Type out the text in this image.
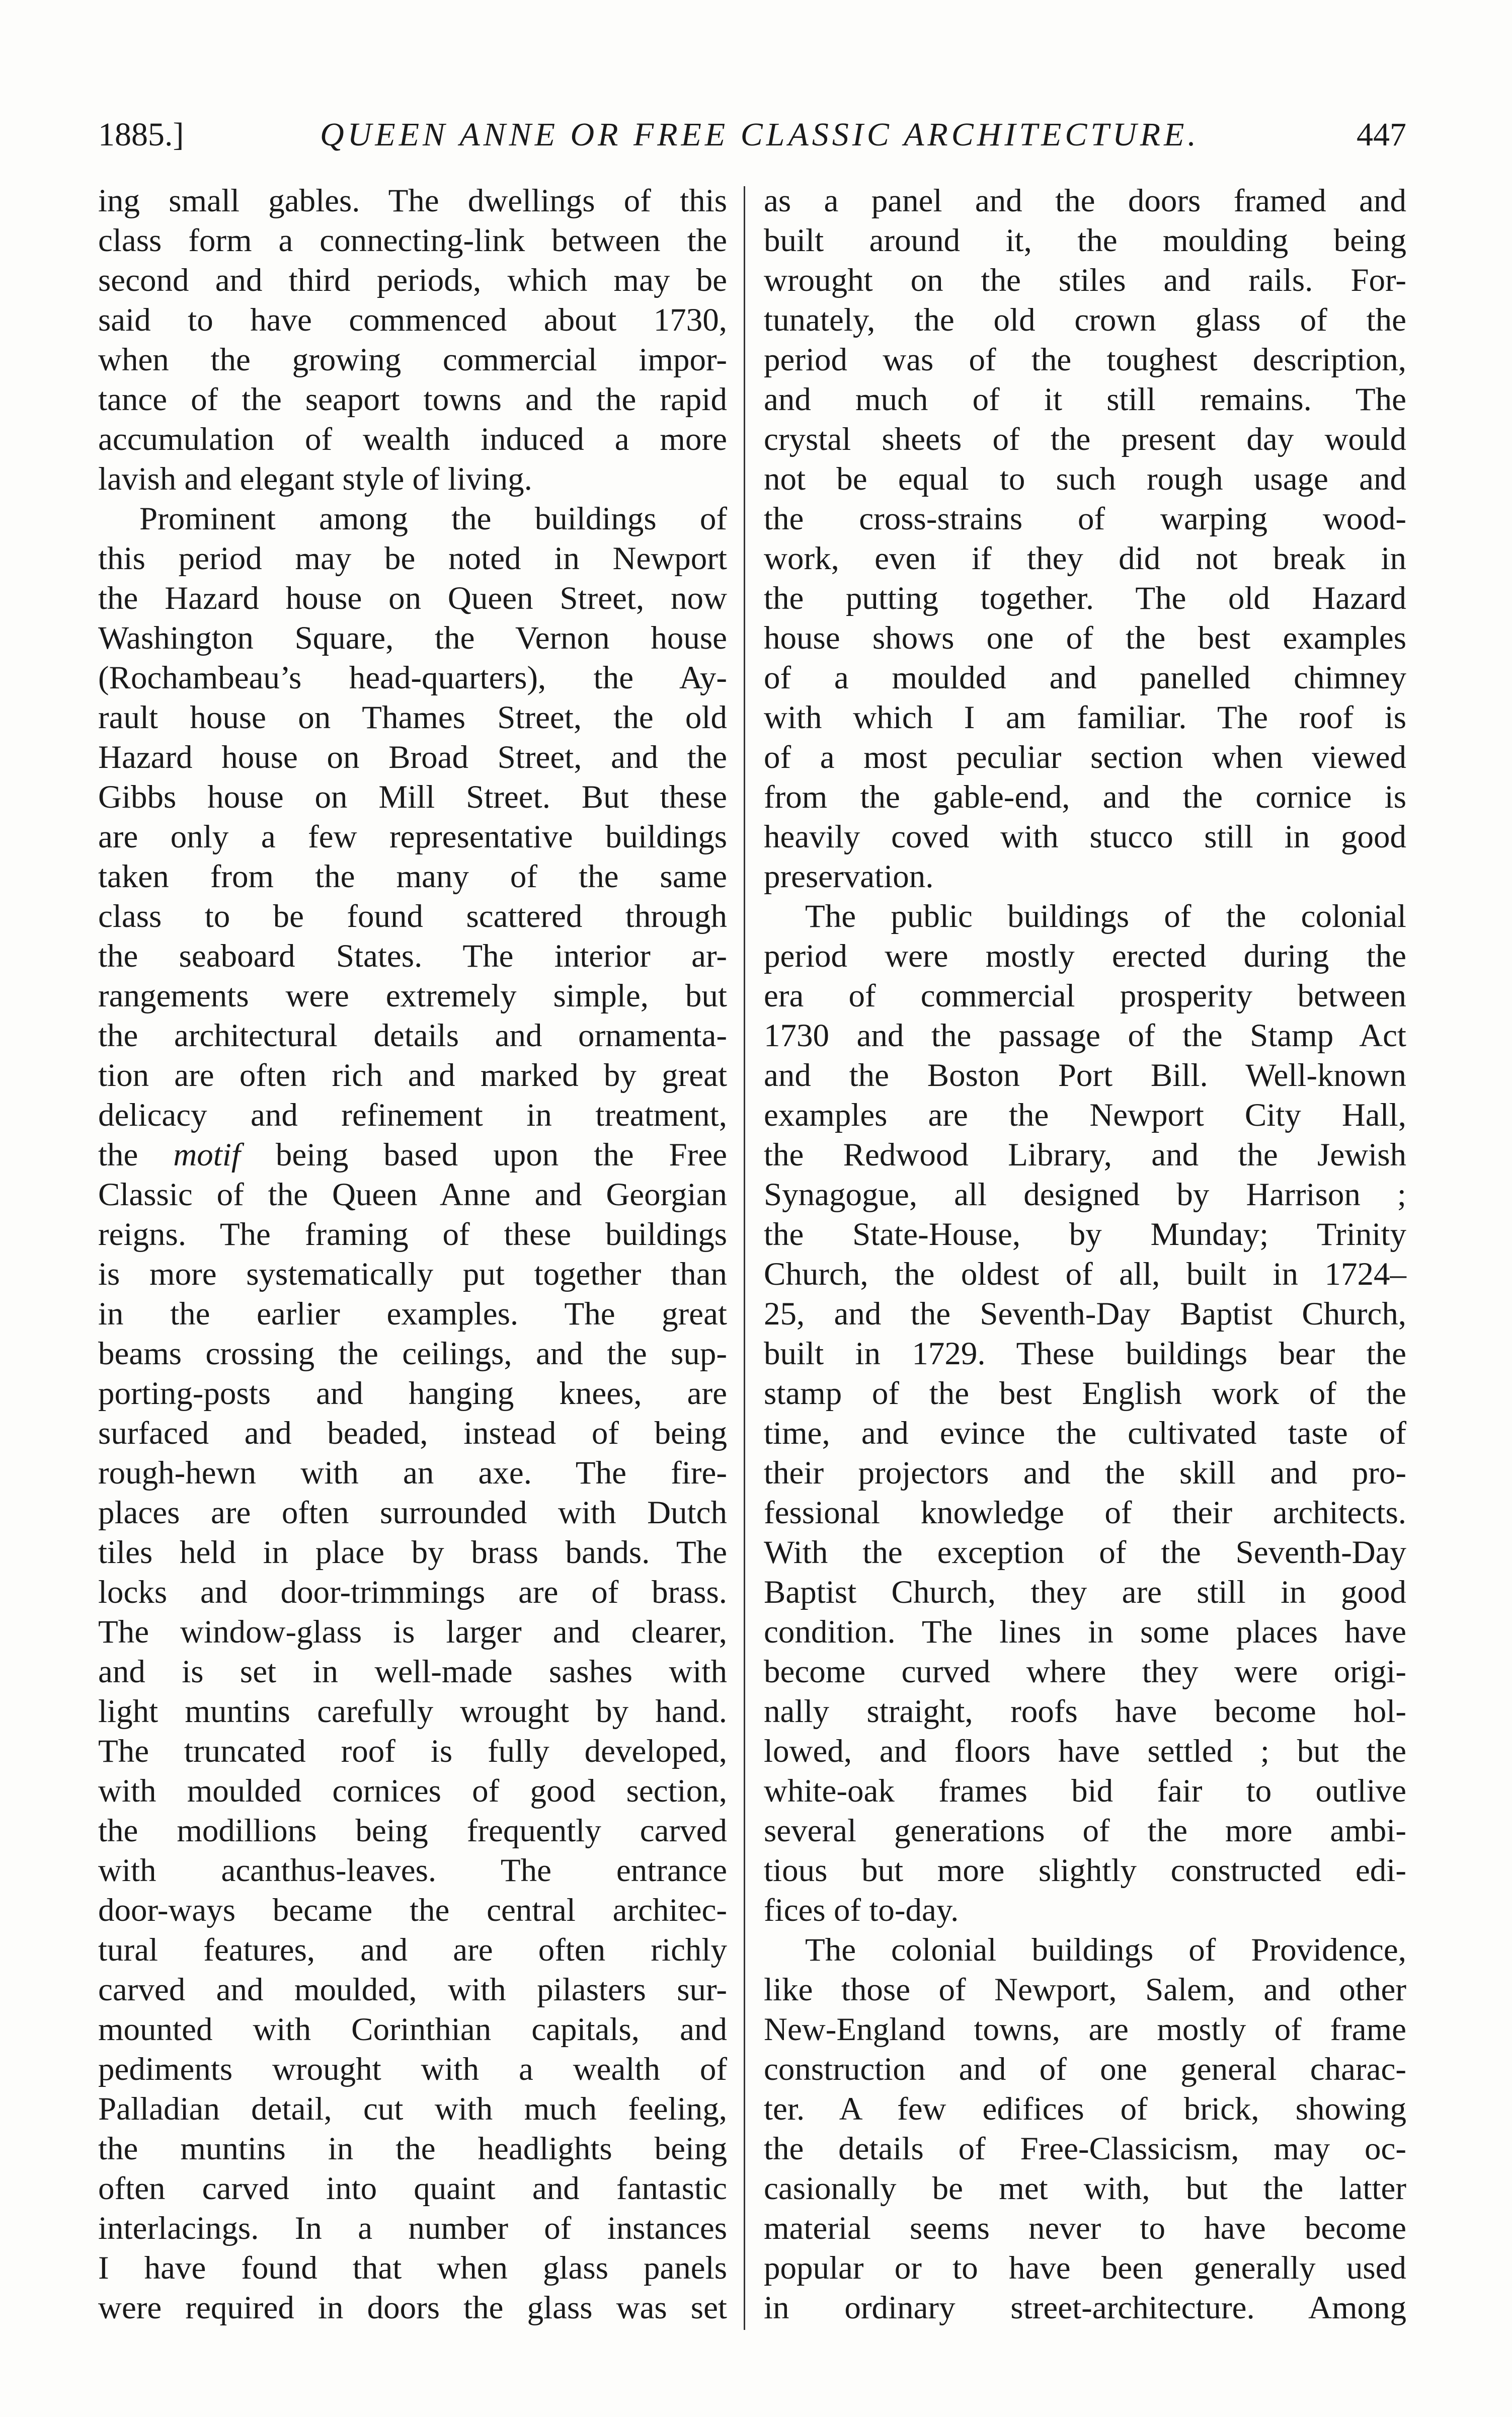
1885.]	QUEEN ANNE OR FREE CLASSIC ARCHITECTURE.	447
ing small gables. The dwellings of this
class form a connecting-link between the
second and third periods, which may be
said to have commenced about 1730,
when the growing commercial impor-
tance of the seaport towns and the rapid
accumulation of wealth induced a more
lavish and elegant style of living.
Prominent among the buildings of
this period may be noted in Newport
the Hazard house on Queen Street, now
Washington Square, the Vernon house
(Rochambeau’s head-quarters), the Ay-
rault house on Thames Street, the old
Hazard house on Broad Street, and the
Gibbs house on Mill Street. But these
are only a few representative buildings
taken from the many of the same
class to be found scattered through
the seaboard States. The interior ar-
rangements were extremely simple, but
the architectural details and ornamenta-
tion are often rich and marked by great
delicacy and refinement in treatment,
the motif being based upon the Free
Classic of the Queen Anne and Georgian
reigns. The framing of these buildings
is more systematically put together than
in the earlier examples. The great
beams crossing the ceilings, and the sup-
porting-posts and hanging knees, are
surfaced and beaded, instead of being
rough-hewn with an axe. The fire-
places are often surrounded with Dutch
tiles held in place by brass bands. The
locks and door-trimmings are of brass.
The window-glass is larger and clearer,
and is set in well-made sashes with
light muntins carefully wrought by hand.
The truncated roof is fully developed,
with moulded cornices of good section,
the modillions being frequently carved
with acanthus-leaves. The entrance
door-ways became the central architec-
tural features, and are often richly
carved and moulded, with pilasters sur-
mounted with Corinthian capitals, and
pediments wrought with a wealth of
Palladian detail, cut with much feeling,
the muntins in the headlights being
often carved into quaint and fantastic
interlacings. In a number of instances
I have found that when glass panels
were required in doors the glass was set
as a panel and the doors framed and
built around it, the moulding being
wrought on the stiles and rails. For-
tunately, the old crown glass of the
period was of the toughest description,
and much of it still remains. The
crystal sheets of the present day would
not be equal to such rough usage and
the cross-strains of warping wood-
work, even if they did not break in
the putting together. The old Hazard
house shows one of the best examples
of a moulded and panelled chimney
with which I am familiar. The roof is
of a most peculiar section when viewed
from the gable-end, and the cornice is
heavily coved with stucco still in good
preservation.
The public buildings of the colonial
period were mostly erected during the
era of commercial prosperity between
1730 and the passage of the Stamp Act
and the Boston Port Bill. Well-known
examples are the Newport City Hall,
the Redwood Library, and the Jewish
Synagogue, all designed by Harrison ;
the State-House, by Munday; Trinity
Church, the oldest of all, built in 1724–
25, and the Seventh-Day Baptist Church,
built in 1729. These buildings bear the
stamp of the best English work of the
time, and evince the cultivated taste of
their projectors and the skill and pro-
fessional knowledge of their architects.
With the exception of the Seventh-Day
Baptist Church, they are still in good
condition. The lines in some places have
become curved where they were origi-
nally straight, roofs have become hol-
lowed, and floors have settled ; but the
white-oak frames bid fair to outlive
several generations of the more ambi-
tious but more slightly constructed edi-
fices of to-day.
The colonial buildings of Providence,
like those of Newport, Salem, and other
New-England towns, are mostly of frame
construction and of one general charac-
ter. A few edifices of brick, showing
the details of Free-Classicism, may oc-
casionally be met with, but the latter
material seems never to have become
popular or to have been generally used
in ordinary street-architecture. Among
